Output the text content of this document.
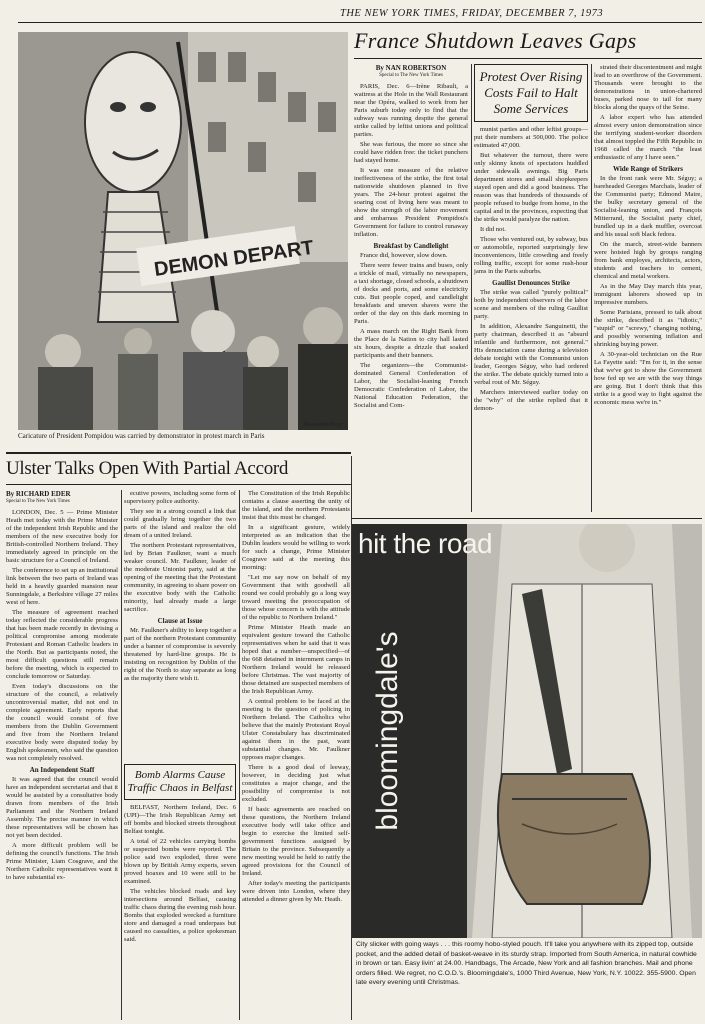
THE NEW YORK TIMES, FRIDAY, DECEMBER 7, 1973
DEMON DEPART
Associated Press
Caricature of President Pompidou was carried by demonstrator in protest march in Paris
France Shutdown Leaves Gaps
By NAN ROBERTSON
Special to The New York Times

PARIS, Dec. 6—Irène Ribault, a waitress at the Hole in the Wall Restaurant near the Opéra, walked to work from her Paris suburb today only to find that the subway was running despite the general strike called by leftist unions and political parties.

She was furious, the more so since she could have ridden free: the ticket punchers had stayed home.

It was one measure of the relative ineffectiveness of the strike, the first total nationwide shutdown planned in five years. The 24-hour protest against the soaring cost of living here was meant to show the strength of the labor movement and embarrass President Pompidou's Government for failure to control runaway inflation.

Breakfast by Candlelight

France did, however, slow down.

There were fewer trains and buses, only a trickle of mail, virtually no newspapers, a taxi shortage, closed schools, a shutdown of docks and ports, and some electricity cuts. But people coped, and candlelight breakfasts and uneven shaves were the order of the day on this dark morning in Paris.

A mass march on the Right Bank from the Place de la Nation to city hall lasted six hours, despite a drizzle that soaked participants and their banners.

The organizers—the Communist-dominated General Confederation of Labor, the Socialist-leaning French Democratic Confederation of Labor, the National Education Federation, the Socialist and Com-

Protest Over Rising Costs Fail to Halt Some Services

munist parties and other leftist groups—put their numbers at 500,000. The police estimated 47,000.

But whatever the turnout, there were only skinny knots of spectators huddled under sidewalk awnings. Big Paris department stores and small shopkeepers stayed open and did a good business. The reason was that hundreds of thousands of people refused to budge from home, in the capital and in the provinces, expecting that the strike would paralyze the nation.

It did not.

Those who ventured out, by subway, bus or automobile, reported surprisingly few inconveniences, little crowding and freely rolling traffic, except for some rush-hour jams in the Paris suburbs.

Gaullist Denounces Strike

The strike was called "purely political" both by independent observers of the labor scene and members of the ruling Gaullist party.

In addition, Alexandre Sanguinetti, the party chairman, described it as "absurd infantile and furthermore, not general." His denunciation came during a television debate tonight with the Communist union leader, Georges Séguy, who had ordered the strike. The debate quickly turned into a verbal rout of Mr. Séguy.

Marchers interviewed earlier today on the "why" of the strike replied that it demon-

strated their discontentment and might lead to an overthrow of the Government. Thousands were brought to the demonstrations in union-chartered buses, parked nose to tail for many blocks along the quays of the Seine.

A labor expert who has attended almost every union demonstration since the terrifying student-worker disorders that almost toppled the Fifth Republic in 1968 called the march "the least enthusiastic of any I have seen."

Wide Range of Strikers

In the front rank were Mr. Séguy; a bareheaded Georges Marchais, leader of the Communist party; Edmond Maire, the bulky secretary general of the Socialist-leaning union, and François Mitterrand, the Socialist party chief, bundled up in a dark muffler, overcoat and his usual soft black fedora.

On the march, street-wide banners were hoisted high by groups ranging from bank employes, architects, actors, students and teachers to cement, chemical and metal workers.

As in the May Day march this year, immigrant laborers showed up in impressive numbers.

Some Parisians, pressed to talk about the strike, described it as "idiotic," "stupid" or "screwy," changing nothing, and possibly worsening inflation and shrinking buying power.

A 30-year-old technician on the Rue La Fayette said: "I'm for it, in the sense that we've got to show the Government how fed up we are with the way things are going. But I don't think that this strike is a good way to fight against the economic mess we're in."

Ulster Talks Open With Partial Accord
By RICHARD EDER
Special to The New York Times

LONDON, Dec. 5 — Prime Minister Heath met today with the Prime Minister of the independent Irish Republic and the members of the new executive body for British-controlled Northern Ireland. They immediately agreed in principle on the basic structure for a Council of Ireland.

The conference to set up an institutional link between the two parts of Ireland was held in a heavily guarded mansion near Sunningdale, a Berkshire village 27 miles west of here.

The measure of agreement reached today reflected the considerable progress that has been made recently in devising a political compromise among moderate Protestant and Roman Catholic leaders in the North. But as participants noted, the most difficult questions still remain before the meeting, which is expected to conclude tomorrow or Saturday.

Even today's discussions on the structure of the council, a relatively uncontroversial matter, did not end in complete agreement. Early reports that the council would consist of five members from the Dublin Government and five from the Northern Ireland executive body were disputed today by English spokesmen, who said the question was not completely resolved.

An Independent Staff

It was agreed that the council would have an independent secretariat and that it would be assisted by a consultative body drawn from members of the Irish Parliament and the Northern Ireland Assembly. The precise manner in which these representatives will be chosen has not yet been decided.

A more difficult problem will be defining the council's functions. The Irish Prime Minister, Liam Cosgrave, and the Northern Catholic representatives want it to have substantial ex-

ecutive powers, including some form of supervisory police authority.

They see in a strong council a link that could gradually bring together the two parts of the island and realize the old dream of a united Ireland.

The northern Protestant representatives, led by Brian Faulkner, want a much weaker council. Mr. Faulkner, leader of the moderate Unionist party, said at the opening of the meeting that the Protestant community, in agreeing to share power on the executive body with the Catholic minority, had already made a large sacrifice.

Clause at Issue

Mr. Faulkner's ability to keep together a part of the northern Protestant community under a banner of compromise is severely threatened by hard-line groups. He is insisting on recognition by Dublin of the right of the North to stay separate as long as the majority there wish it.

Bomb Alarms Cause Traffic Chaos in Belfast

BELFAST, Northern Ireland, Dec. 6 (UPI)—The Irish Republican Army set off bombs and blocked streets throughout Belfast tonight.

A total of 22 vehicles carrying bombs or suspected bombs were reported. The police said two exploded, three were blown up by British Army experts, seven proved hoaxes and 10 were still to be examined.

The vehicles blocked roads and key intersections around Belfast, causing traffic chaos during the evening rush hour. Bombs that exploded wrecked a furniture store and damaged a road underpass but caused no casualties, a police spokesman said.

The Constitution of the Irish Republic contains a clause asserting the unity of the island, and the northern Protestants insist that this must be changed.

In a significant gesture, widely interpreted as an indication that the Dublin leaders would be willing to work for such a change, Prime Minister Cosgrave said at the meeting this morning:

"Let me say now on behalf of my Government that with goodwill all round we could probably go a long way toward meeting the preoccupation of those whose concern is with the attitude of the republic to Northern Ireland."

Prime Minister Heath made an equivalent gesture toward the Catholic representatives when he said that it was hoped that a number—unspecified—of the 668 detained in internment camps in Northern Ireland would be released before Christmas. The vast majority of those detained are suspected members of the Irish Republican Army.

A central problem to be faced at the meeting is the question of policing in Northern Ireland. The Catholics who believe that the mainly Protestant Royal Ulster Constabulary has discriminated against them in the past, want substantial changes. Mr. Faulkner opposes major changes.

There is a good deal of leeway, however, in deciding just what constitutes a major change, and the possibility of compromise is not excluded.

If basic agreements are reached on these questions, the Northern Ireland executive body will take office and begin to exercise the limited self-government functions assigned by Britain to the province. Subsequently a new meeting would be held to ratify the agreed provisions for the Council of Ireland.

After today's meeting the participants were driven into London, where they attended a dinner given by Mr. Heath.

hit the road
bloomingdale's
City slicker with going ways . . . this roomy hobo-styled pouch. It'll take you anywhere with its zipped top, outside pocket, and the added detail of basket-weave in its sturdy strap. Imported from South America, in natural cowhide in brown or tan. Easy livin' at 24.00. Handbags, The Arcade, New York and all fashion branches. Mail and phone orders filled. We regret, no C.O.D.'s. Bloomingdale's, 1000 Third Avenue, New York, N.Y. 10022. 355-5900. Open late every evening until Christmas.
